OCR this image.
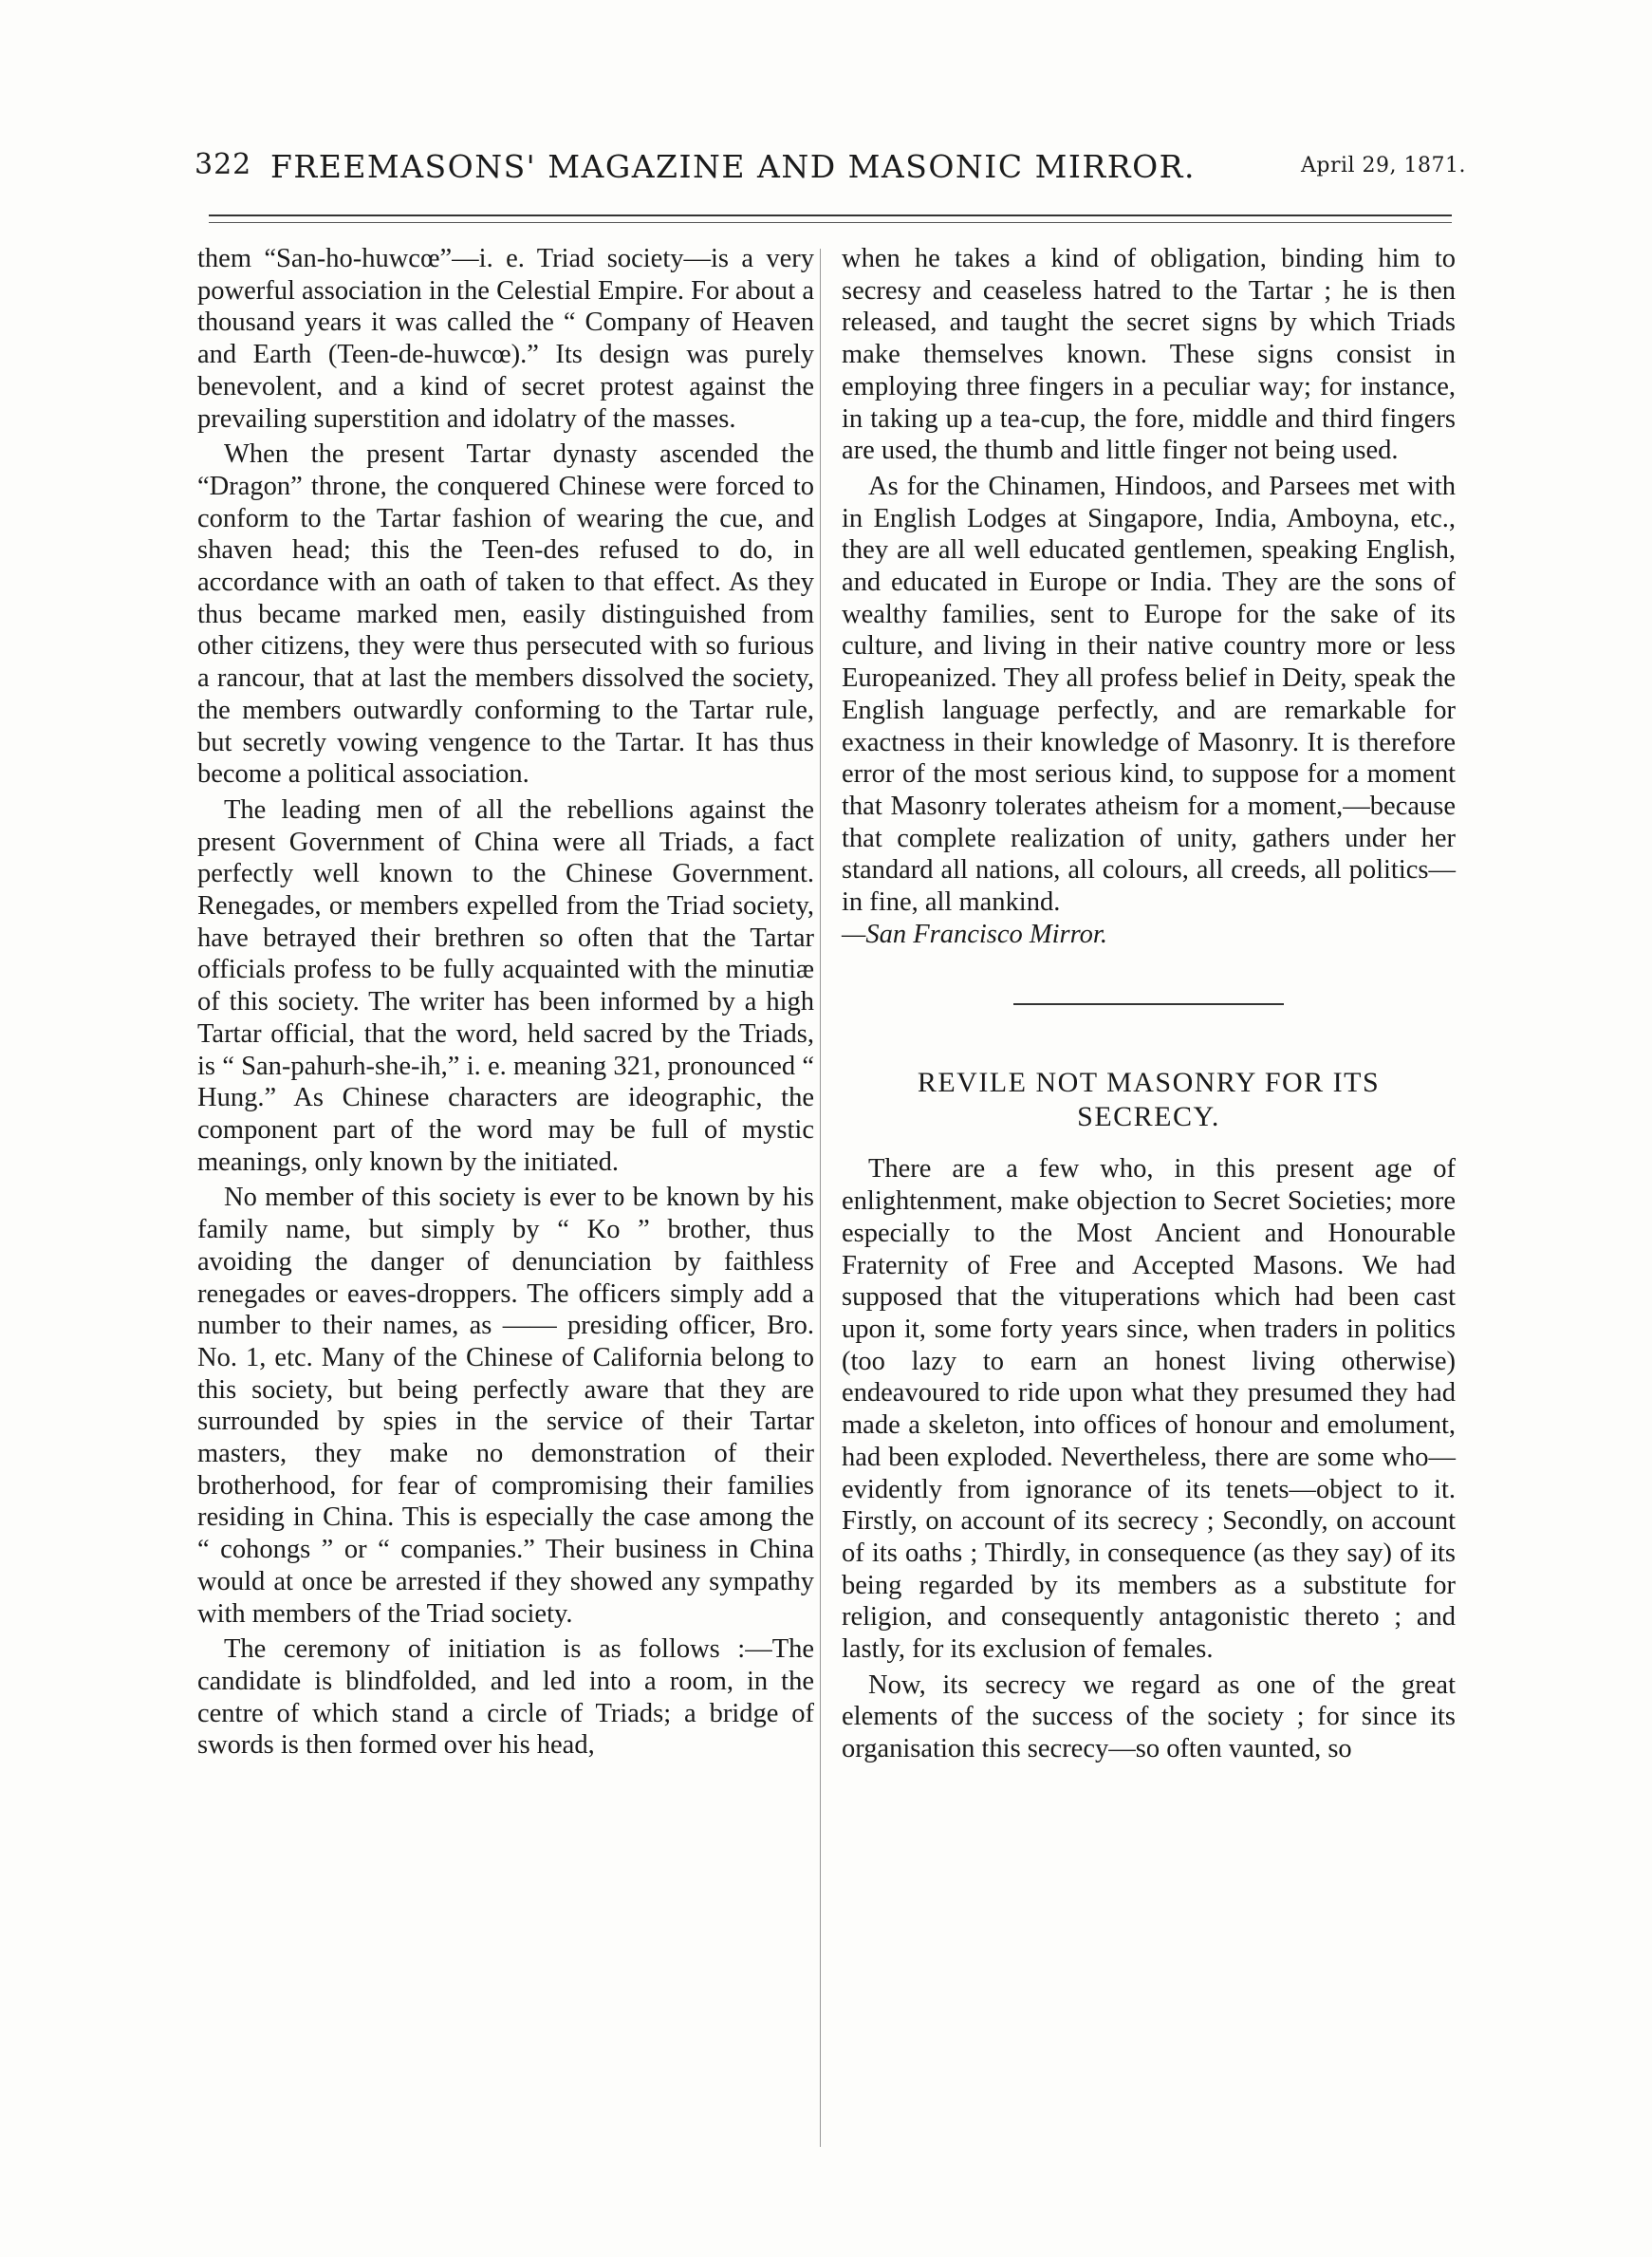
322 FREEMASONS' MAGAZINE AND MASONIC MIRROR.	April 29, 1871.

them “San-ho-huwcœ”—i. e. Triad society—is a very powerful association in the Celestial Empire. For about a thousand years it was called the “ Company of Heaven and Earth (Teen-de-huwcœ).” Its design was purely benevolent, and a kind of secret protest against the prevailing superstition and idolatry of the masses.

When the present Tartar dynasty ascended the “Dragon” throne, the conquered Chinese were forced to conform to the Tartar fashion of wearing the cue, and shaven head; this the Teen-des refused to do, in accordance with an oath of taken to that effect. As they thus became marked men, easily distinguished from other citizens, they were thus persecuted with so furious a rancour, that at last the members dissolved the society, the members outwardly conforming to the Tartar rule, but secretly vowing vengence to the Tartar. It has thus become a political association.

The leading men of all the rebellions against the present Government of China were all Triads, a fact perfectly well known to the Chinese Government. Renegades, or members expelled from the Triad society, have betrayed their brethren so often that the Tartar officials profess to be fully acquainted with the minutiæ of this society. The writer has been informed by a high Tartar official, that the word, held sacred by the Triads, is “ San-pahurh-she-ih,” i. e. meaning 321, pronounced “ Hung.” As Chinese characters are ideographic, the component part of the word may be full of mystic meanings, only known by the initiated.

No member of this society is ever to be known by his family name, but simply by “ Ko ” brother, thus avoiding the danger of denunciation by faithless renegades or eaves-droppers. The officers simply add a number to their names, as —— presiding officer, Bro. No. 1, etc. Many of the Chinese of California belong to this society, but being perfectly aware that they are surrounded by spies in the service of their Tartar masters, they make no demonstration of their brotherhood, for fear of compromising their families residing in China. This is especially the case among the “ cohongs ” or “ companies.” Their business in China would at once be arrested if they showed any sympathy with members of the Triad society.

The ceremony of initiation is as follows :—The candidate is blindfolded, and led into a room, in the centre of which stand a circle of Triads; a bridge of swords is then formed over his head,

when he takes a kind of obligation, binding him to secresy and ceaseless hatred to the Tartar ; he is then released, and taught the secret signs by which Triads make themselves known. These signs consist in employing three fingers in a peculiar way; for instance, in taking up a tea-cup, the fore, middle and third fingers are used, the thumb and little finger not being used.

As for the Chinamen, Hindoos, and Parsees met with in English Lodges at Singapore, India, Amboyna, etc., they are all well educated gentlemen, speaking English, and educated in Europe or India. They are the sons of wealthy families, sent to Europe for the sake of its culture, and living in their native country more or less Europeanized. They all profess belief in Deity, speak the English language perfectly, and are remarkable for exactness in their knowledge of Masonry. It is therefore error of the most serious kind, to suppose for a moment that Masonry tolerates atheism for a moment,—because that complete realization of unity, gathers under her standard all nations, all colours, all creeds, all politics—in fine, all mankind.

—San Francisco Mirror.

REVILE NOT MASONRY FOR ITS SECRECY.

There are a few who, in this present age of enlightenment, make objection to Secret Societies; more especially to the Most Ancient and Honourable Fraternity of Free and Accepted Masons. We had supposed that the vituperations which had been cast upon it, some forty years since, when traders in politics (too lazy to earn an honest living otherwise) endeavoured to ride upon what they presumed they had made a skeleton, into offices of honour and emolument, had been exploded. Nevertheless, there are some who—evidently from ignorance of its tenets—object to it. Firstly, on account of its secrecy ; Secondly, on account of its oaths ; Thirdly, in consequence (as they say) of its being regarded by its members as a substitute for religion, and consequently antagonistic thereto ; and lastly, for its exclusion of females.

Now, its secrecy we regard as one of the great elements of the success of the society ; for since its organisation this secrecy—so often vaunted, so
